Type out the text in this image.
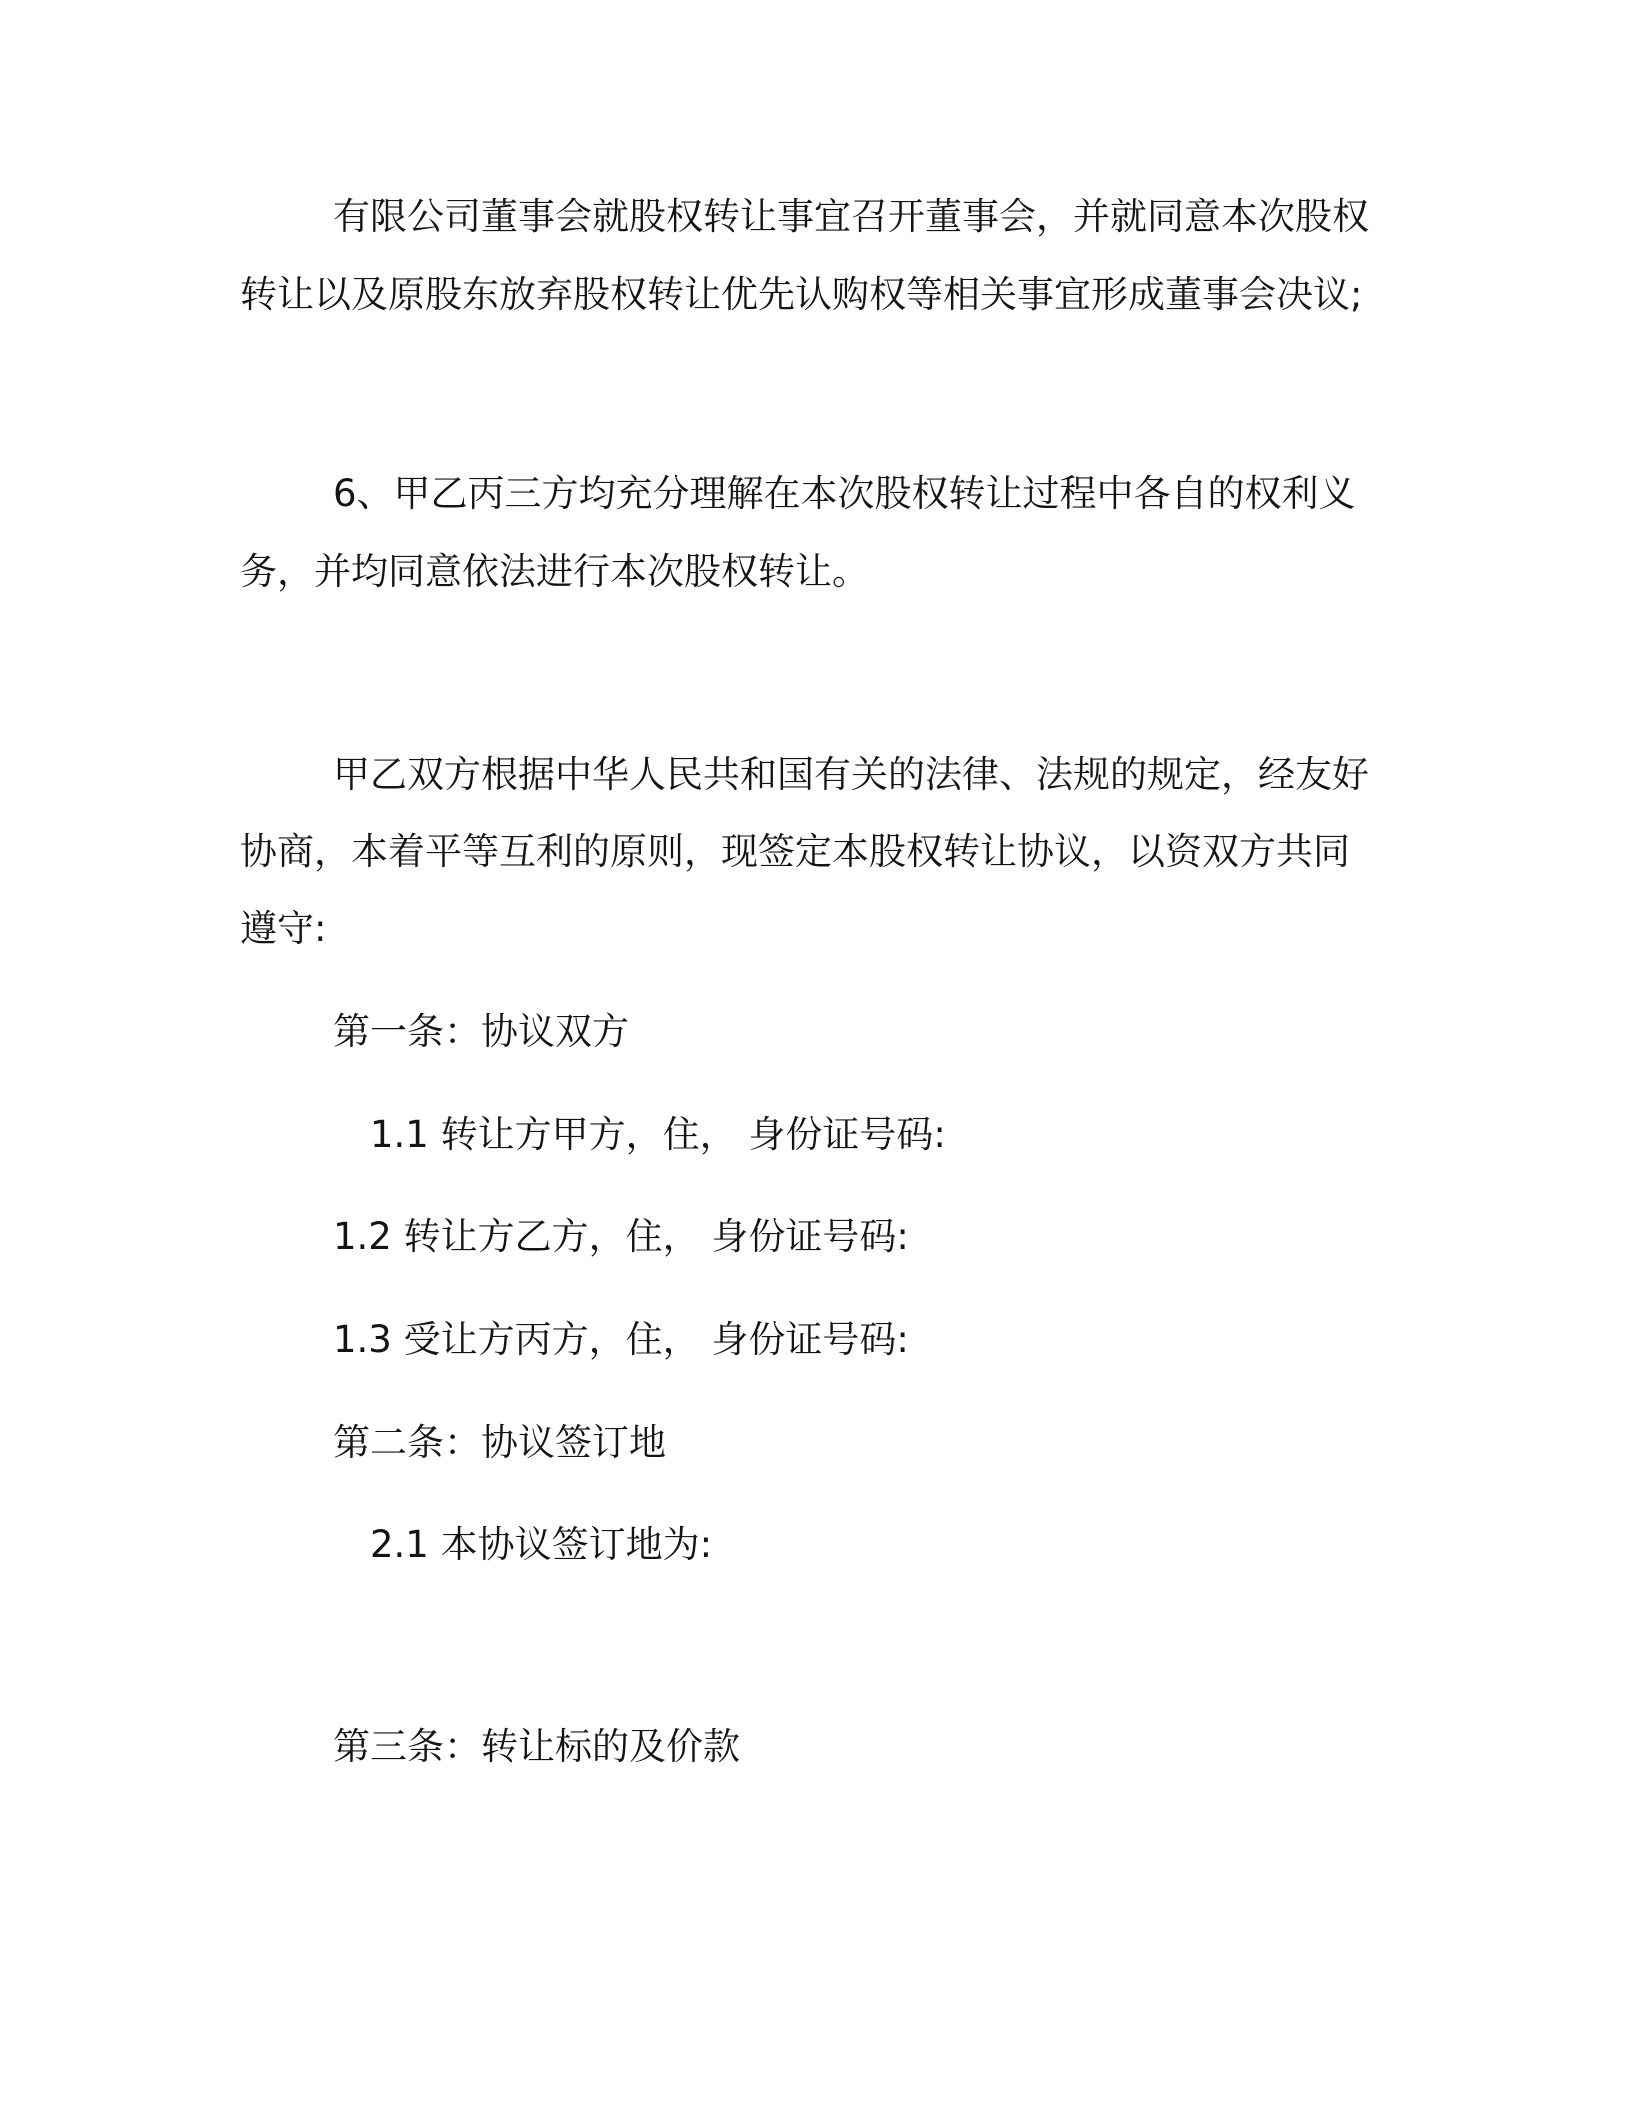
有限公司董事会就股权转让事宜召开董事会，并就同意本次股权
转让以及原股东放弃股权转让优先认购权等相关事宜形成董事会决议;
6、甲乙丙三方均充分理解在本次股权转让过程中各自的权利义
务，并均同意依法进行本次股权转让。
甲乙双方根据中华人民共和国有关的法律、法规的规定，经友好
协商，本着平等互利的原则，现签定本股权转让协议，以资双方共同
遵守:
第一条：协议双方
1.1 转让方甲方，住， 身份证号码:
1.2 转让方乙方，住， 身份证号码:
1.3 受让方丙方，住， 身份证号码:
第二条：协议签订地
2.1 本协议签订地为:
第三条：转让标的及价款
